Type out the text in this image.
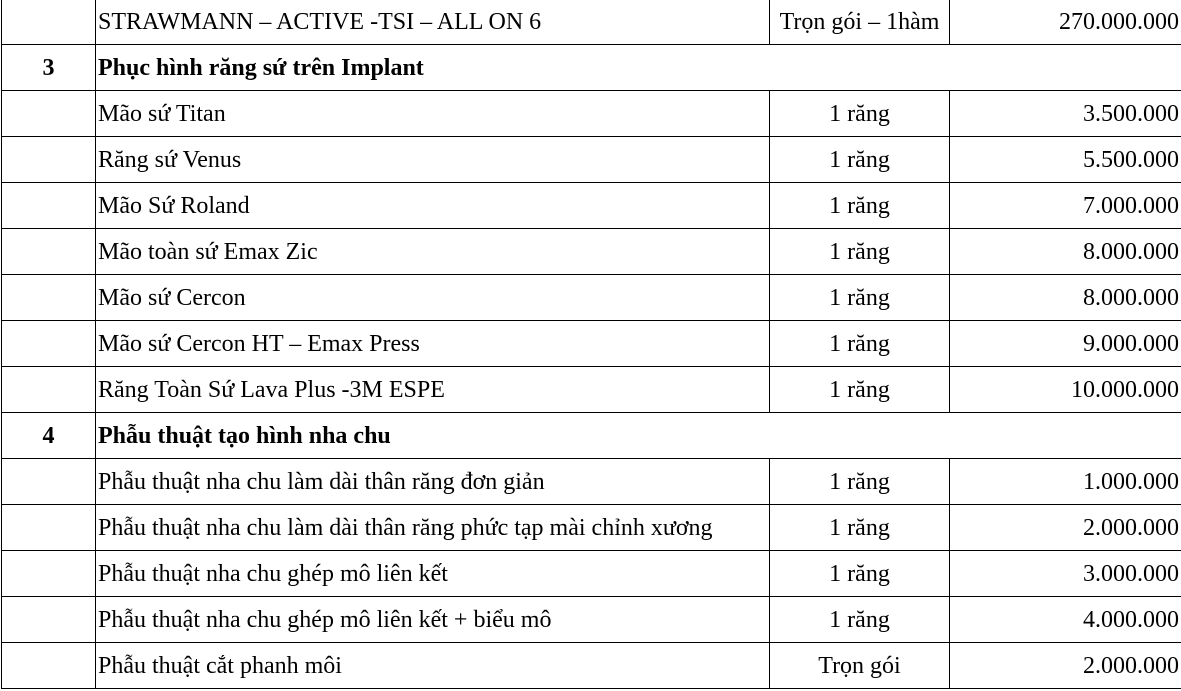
	STRAWMANN – ACTIVE -TSI – ALL ON 6	Trọn gói – 1hàm	270.000.000
3	Phục hình răng sứ trên Implant		
	Mão sứ Titan	1 răng	3.500.000
	Răng sứ Venus	1 răng	5.500.000
	Mão Sứ Roland	1 răng	7.000.000
	Mão toàn sứ Emax Zic	1 răng	8.000.000
	Mão sứ Cercon	1 răng	8.000.000
	Mão sứ Cercon HT – Emax Press	1 răng	9.000.000
	Răng Toàn Sứ Lava Plus -3M ESPE	1 răng	10.000.000
4	Phẫu thuật tạo hình nha chu		
	Phẫu thuật nha chu làm dài thân răng đơn giản	1 răng	1.000.000
	Phẫu thuật nha chu làm dài thân răng phức tạp mài chỉnh xương	1 răng	2.000.000
	Phẫu thuật nha chu ghép mô liên kết	1 răng	3.000.000
	Phẫu thuật nha chu ghép mô liên kết + biểu mô	1 răng	4.000.000
	Phẫu thuật cắt phanh môi	Trọn gói	2.000.000
